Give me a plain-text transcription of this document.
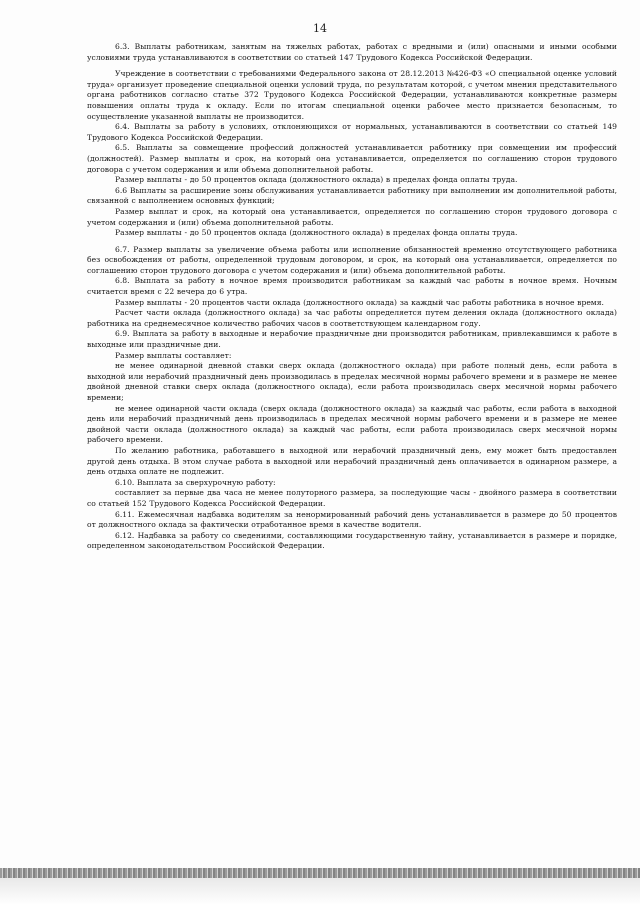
14

6.3. Выплаты работникам, занятым на тяжелых работах, работах с вредными и (или) опасными и иными особыми условиями труда устанавливаются в соответствии со статьей 147 Трудового Кодекса Российской Федерации.

Учреждение в соответствии с требованиями Федерального закона от 28.12.2013 №426-ФЗ «О специальной оценке условий труда» организует проведение специальной оценки условий труда, по результатам которой, с учетом мнения представительного органа работников согласно статье 372 Трудового Кодекса Российской Федерации, устанавливаются конкретные размеры повышения оплаты труда к окладу. Если по итогам специальной оценки рабочее место признается безопасным, то осуществление указанной выплаты не производится.

6.4. Выплаты за работу в условиях, отклоняющихся от нормальных, устанавливаются в соответствии со статьей 149 Трудового Кодекса Российской Федерации.

6.5. Выплаты за совмещение профессий должностей устанавливается работнику при совмещении им профессий (должностей). Размер выплаты и срок, на который она устанавливается, определяется по соглашению сторон трудового договора с учетом содержания и или объема дополнительной работы.

Размер выплаты - до 50 процентов оклада (должностного оклада) в пределах фонда оплаты труда.

6.6 Выплаты за расширение зоны обслуживания устанавливается работнику при выполнении им дополнительной работы, связанной с выполнением основных функций;

Размер выплат и срок, на который она устанавливается, определяется по соглашению сторон трудового договора с учетом содержания и (или) объема дополнительной работы.

Размер выплаты - до 50 процентов оклада (должностного оклада) в пределах фонда оплаты труда.

6.7. Размер выплаты за увеличение объема работы или исполнение обязанностей временно отсутствующего работника без освобождения от работы, определенной трудовым договором, и срок, на который она устанавливается, определяется по соглашению сторон трудового договора с учетом содержания и (или) объема дополнительной работы.

6.8. Выплата за работу в ночное время производится работникам за каждый час работы в ночное время. Ночным считается время с 22 вечера до 6 утра.

Размер выплаты - 20 процентов части оклада (должностного оклада) за каждый час работы работника в ночное время.

Расчет части оклада (должностного оклада) за час работы определяется путем деления оклада (должностного оклада) работника на среднемесячное количество рабочих часов в соответствующем календарном году.

6.9. Выплата за работу в выходные и нерабочие праздничные дни производится работникам, привлекавшимся к работе в выходные или праздничные дни.

Размер выплаты составляет:

не менее одинарной дневной ставки сверх оклада (должностного оклада) при работе полный день, если работа в выходной или нерабочий праздничный день производилась в пределах месячной нормы рабочего времени и в размере не менее двойной дневной ставки сверх оклада (должностного оклада), если работа производилась сверх месячной нормы рабочего времени;

не менее одинарной части оклада (сверх оклада (должностного оклада) за каждый час работы, если работа в выходной день или нерабочий праздничный день производилась в пределах месячной нормы рабочего времени и в размере не менее двойной части оклада (должностного оклада) за каждый час работы, если работа производилась сверх месячной нормы рабочего времени.

По желанию работника, работавшего в выходной или нерабочий праздничный день, ему может быть предоставлен другой день отдыха. В этом случае работа в выходной или нерабочий праздничный день оплачивается в одинарном размере, а день отдыха оплате не подлежит.

6.10. Выплата за сверхурочную работу:

составляет за первые два часа не менее полуторного размера, за последующие часы - двойного размера в соответствии со статьей 152 Трудового Кодекса Российской Федерации.

6.11. Ежемесячная надбавка водителям за ненормированный рабочий день устанавливается в размере до 50 процентов от должностного оклада за фактически отработанное время в качестве водителя.

6.12. Надбавка за работу со сведениями, составляющими государственную тайну, устанавливается в размере и порядке, определенном законодательством Российской Федерации.
